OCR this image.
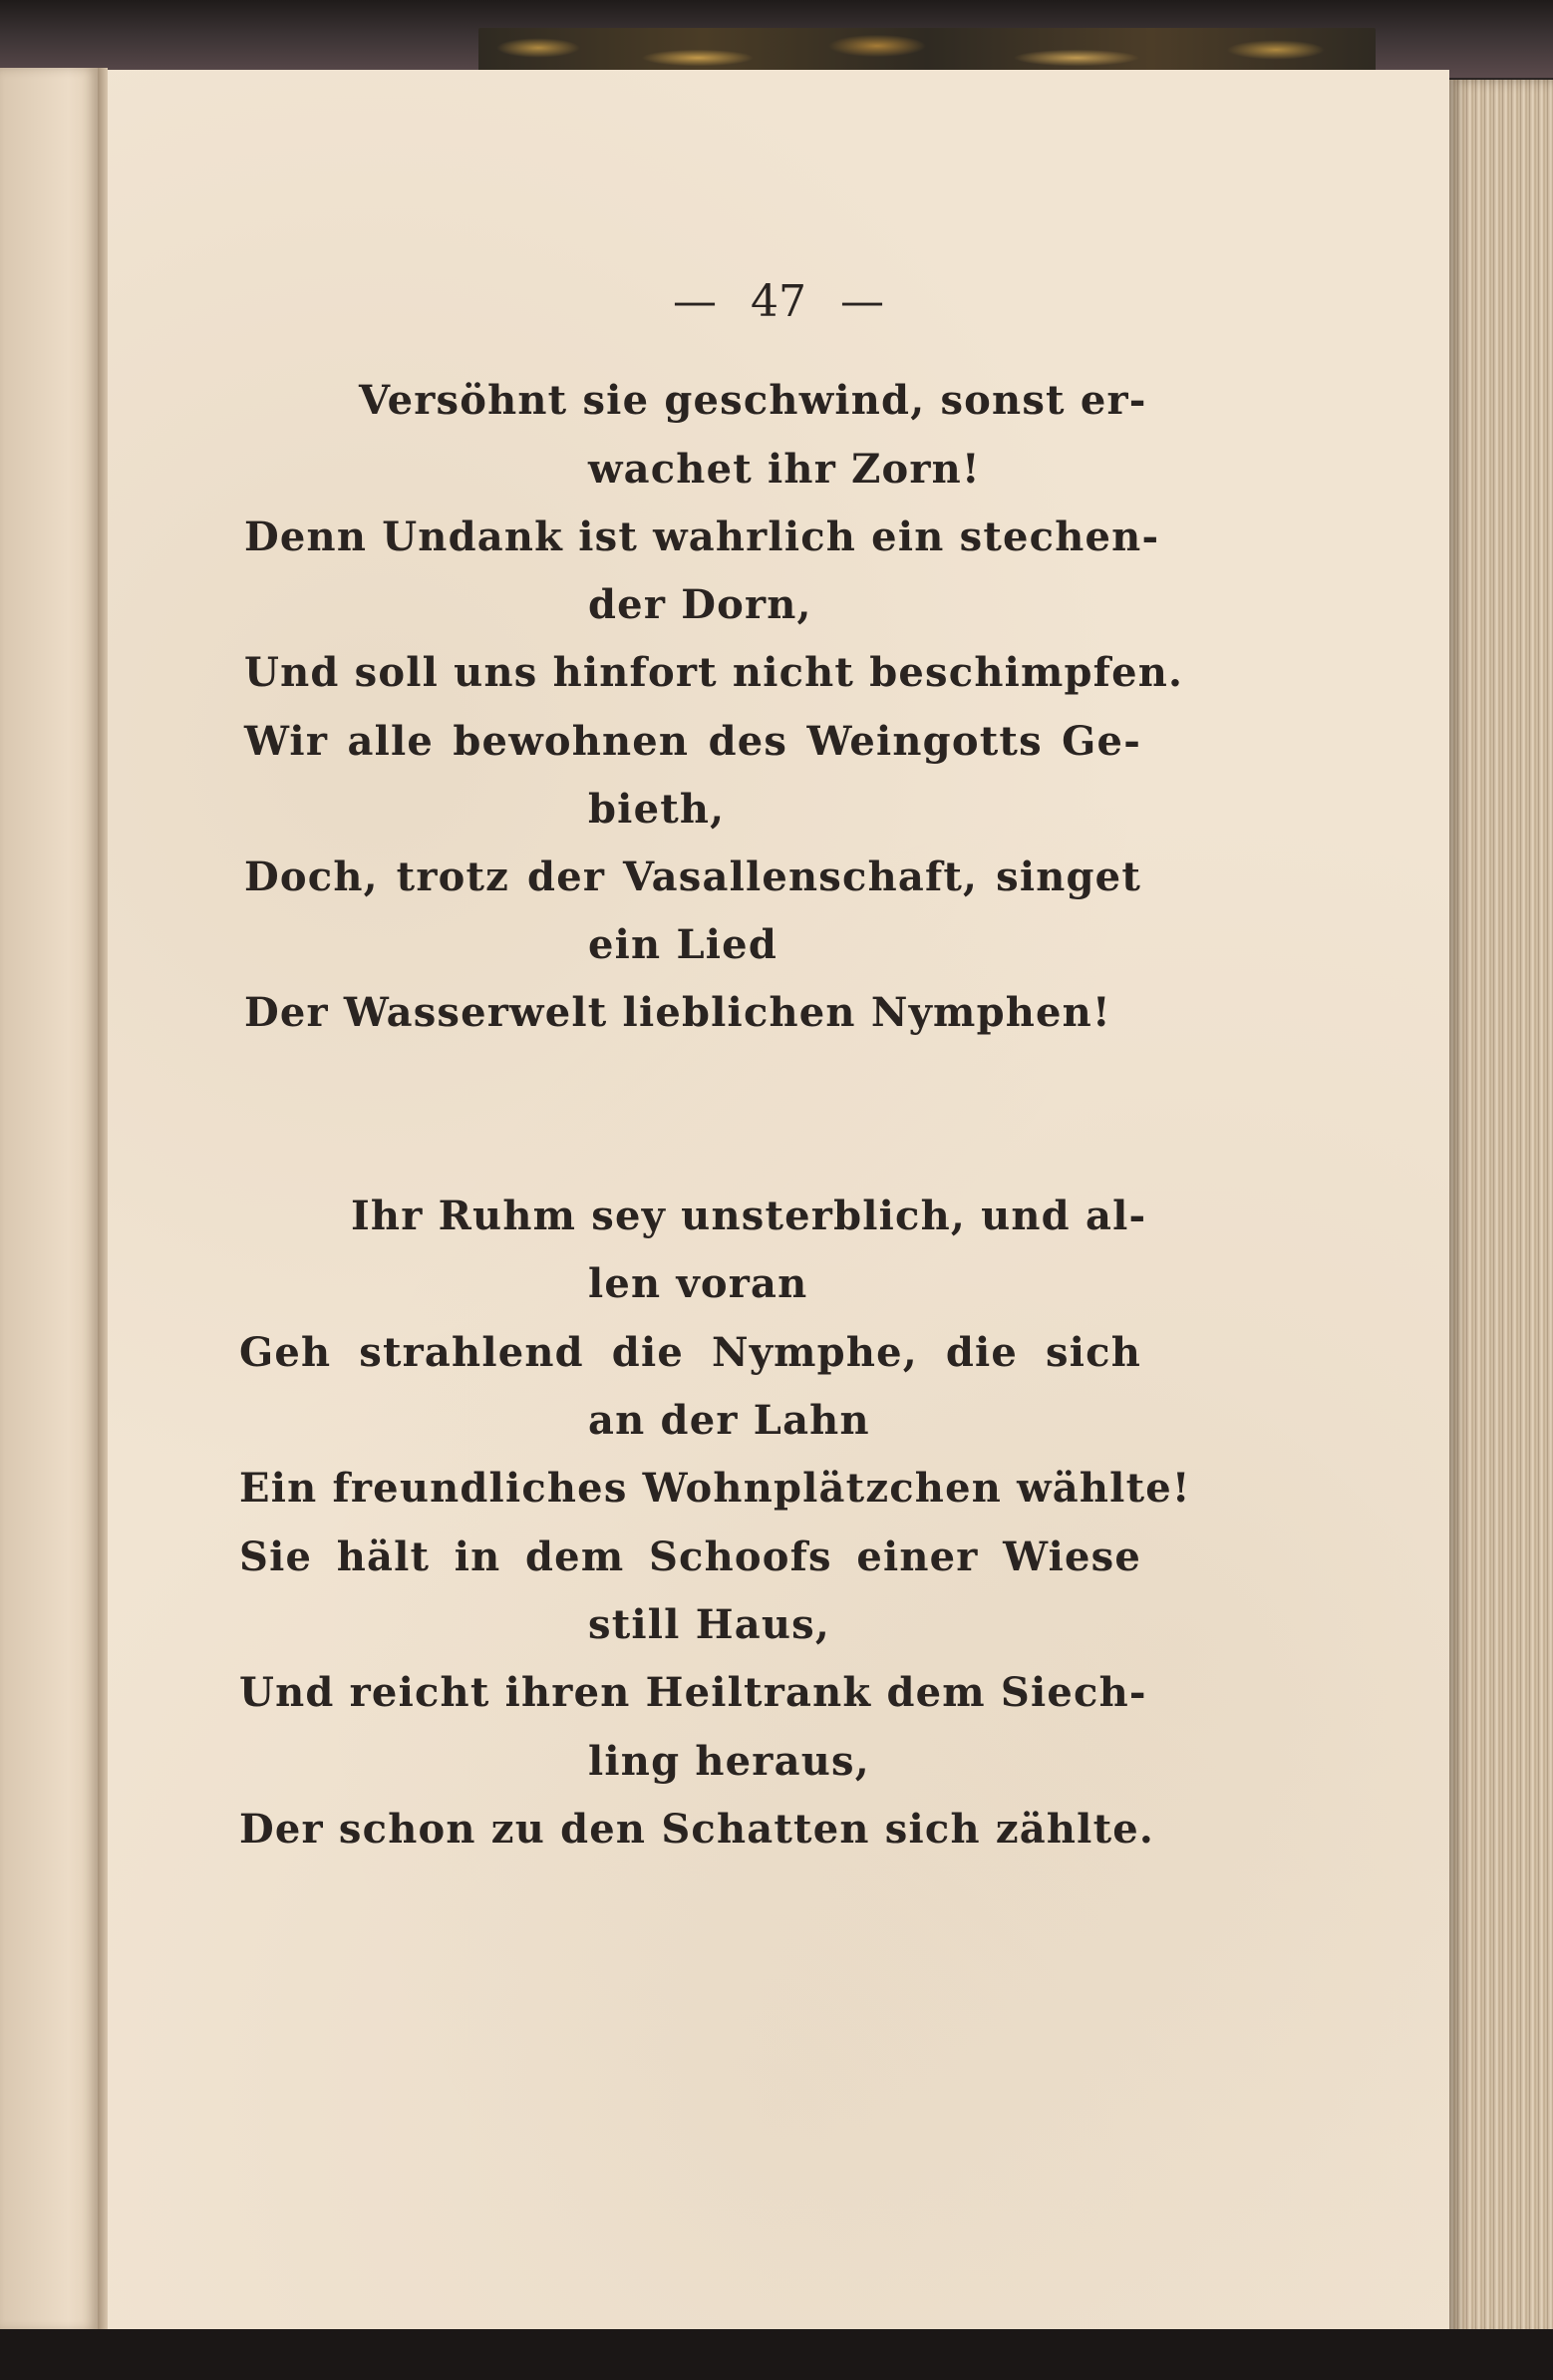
— 47 —

Versöhnt sie geschwind, sonst er-

wachet ihr Zorn!

Denn Undank ist wahrlich ein stechen-

der Dorn,

Und soll uns hinfort nicht beschimpfen.

Wir alle bewohnen des Weingotts Ge-

bieth,

Doch, trotz der Vasallenschaft, singet

ein Lied

Der Wasserwelt lieblichen Nymphen!

Ihr Ruhm sey unsterblich, und al-

len voran

Geh strahlend die Nymphe, die sich

an der Lahn

Ein freundliches Wohnplätzchen wählte!

Sie hält in dem Schoofs einer Wiese

still Haus,

Und reicht ihren Heiltrank dem Siech-

ling heraus,

Der schon zu den Schatten sich zählte.
